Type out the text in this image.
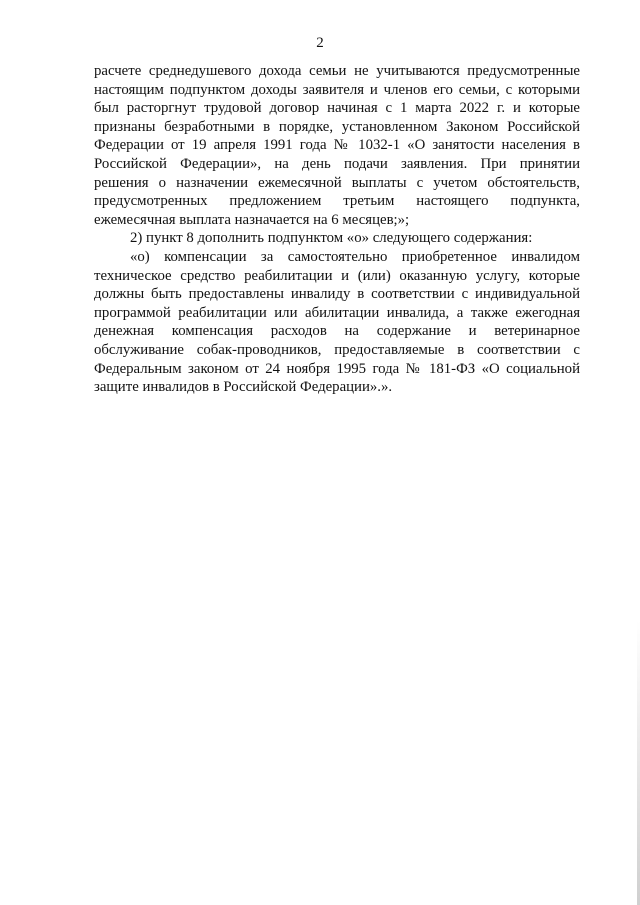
2
расчете среднедушевого дохода семьи не учитываются предусмотренные
настоящим подпунктом доходы заявителя и членов его семьи, с которыми
был расторгнут трудовой договор начиная с 1 марта 2022 г. и которые
признаны безработными в порядке, установленном Законом Российской
Федерации от 19 апреля 1991 года № 1032-1 «О занятости населения в
Российской Федерации», на день подачи заявления. При принятии
решения о назначении ежемесячной выплаты с учетом обстоятельств,
предусмотренных предложением третьим настоящего подпункта,
ежемесячная выплата назначается на 6 месяцев;»;
2) пункт 8 дополнить подпунктом «о» следующего содержания:
«о) компенсации за самостоятельно приобретенное инвалидом
техническое средство реабилитации и (или) оказанную услугу, которые
должны быть предоставлены инвалиду в соответствии с индивидуальной
программой реабилитации или абилитации инвалида, а также ежегодная
денежная компенсация расходов на содержание и ветеринарное
обслуживание собак-проводников, предоставляемые в соответствии с
Федеральным законом от 24 ноября 1995 года № 181-ФЗ «О социальной
защите инвалидов в Российской Федерации».».
